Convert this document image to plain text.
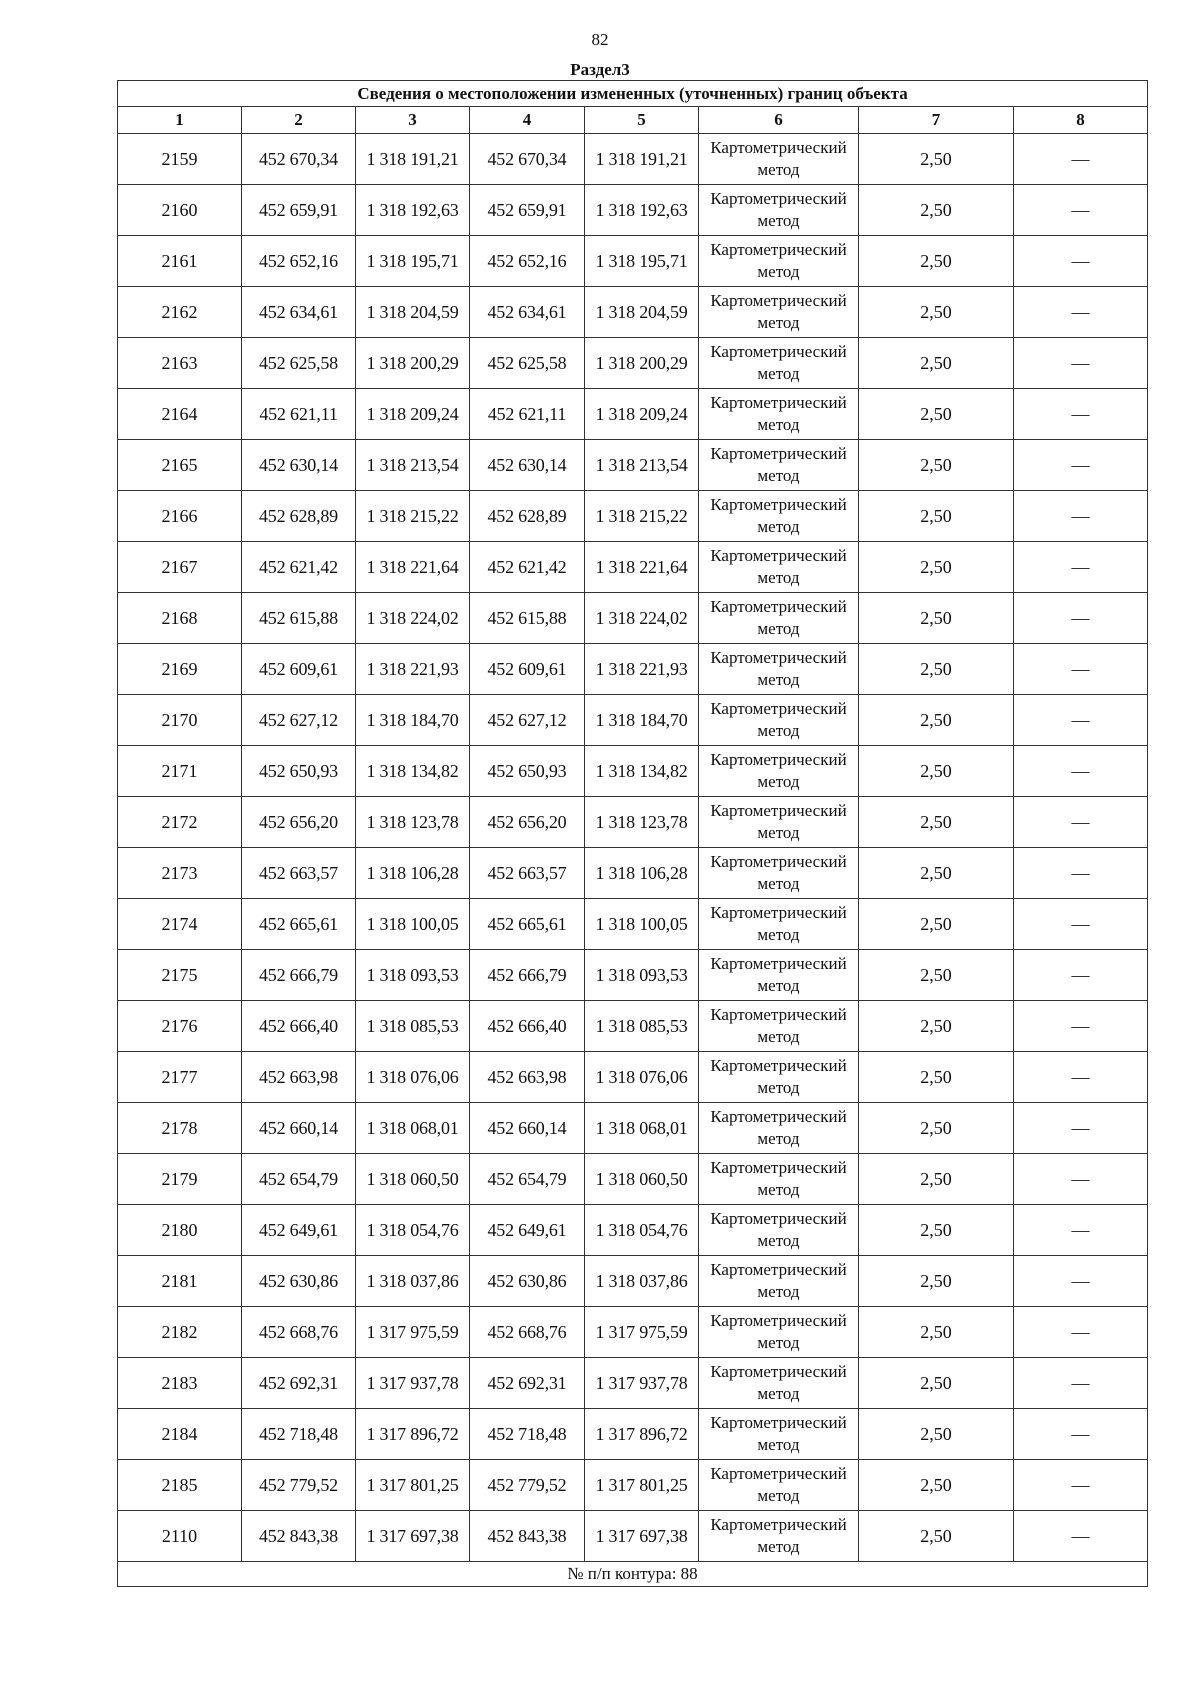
82
Раздел3
Сведения о местоположении измененных (уточненных) границ объекта							
1	2	3	4	5	6	7	8
2159	452 670,34	1 318 191,21	452 670,34	1 318 191,21	Картометрический метод	2,50	—
2160	452 659,91	1 318 192,63	452 659,91	1 318 192,63	Картометрический метод	2,50	—
2161	452 652,16	1 318 195,71	452 652,16	1 318 195,71	Картометрический метод	2,50	—
2162	452 634,61	1 318 204,59	452 634,61	1 318 204,59	Картометрический метод	2,50	—
2163	452 625,58	1 318 200,29	452 625,58	1 318 200,29	Картометрический метод	2,50	—
2164	452 621,11	1 318 209,24	452 621,11	1 318 209,24	Картометрический метод	2,50	—
2165	452 630,14	1 318 213,54	452 630,14	1 318 213,54	Картометрический метод	2,50	—
2166	452 628,89	1 318 215,22	452 628,89	1 318 215,22	Картометрический метод	2,50	—
2167	452 621,42	1 318 221,64	452 621,42	1 318 221,64	Картометрический метод	2,50	—
2168	452 615,88	1 318 224,02	452 615,88	1 318 224,02	Картометрический метод	2,50	—
2169	452 609,61	1 318 221,93	452 609,61	1 318 221,93	Картометрический метод	2,50	—
2170	452 627,12	1 318 184,70	452 627,12	1 318 184,70	Картометрический метод	2,50	—
2171	452 650,93	1 318 134,82	452 650,93	1 318 134,82	Картометрический метод	2,50	—
2172	452 656,20	1 318 123,78	452 656,20	1 318 123,78	Картометрический метод	2,50	—
2173	452 663,57	1 318 106,28	452 663,57	1 318 106,28	Картометрический метод	2,50	—
2174	452 665,61	1 318 100,05	452 665,61	1 318 100,05	Картометрический метод	2,50	—
2175	452 666,79	1 318 093,53	452 666,79	1 318 093,53	Картометрический метод	2,50	—
2176	452 666,40	1 318 085,53	452 666,40	1 318 085,53	Картометрический метод	2,50	—
2177	452 663,98	1 318 076,06	452 663,98	1 318 076,06	Картометрический метод	2,50	—
2178	452 660,14	1 318 068,01	452 660,14	1 318 068,01	Картометрический метод	2,50	—
2179	452 654,79	1 318 060,50	452 654,79	1 318 060,50	Картометрический метод	2,50	—
2180	452 649,61	1 318 054,76	452 649,61	1 318 054,76	Картометрический метод	2,50	—
2181	452 630,86	1 318 037,86	452 630,86	1 318 037,86	Картометрический метод	2,50	—
2182	452 668,76	1 317 975,59	452 668,76	1 317 975,59	Картометрический метод	2,50	—
2183	452 692,31	1 317 937,78	452 692,31	1 317 937,78	Картометрический метод	2,50	—
2184	452 718,48	1 317 896,72	452 718,48	1 317 896,72	Картометрический метод	2,50	—
2185	452 779,52	1 317 801,25	452 779,52	1 317 801,25	Картометрический метод	2,50	—
2110	452 843,38	1 317 697,38	452 843,38	1 317 697,38	Картометрический метод	2,50	—
№ п/п контура: 88							
